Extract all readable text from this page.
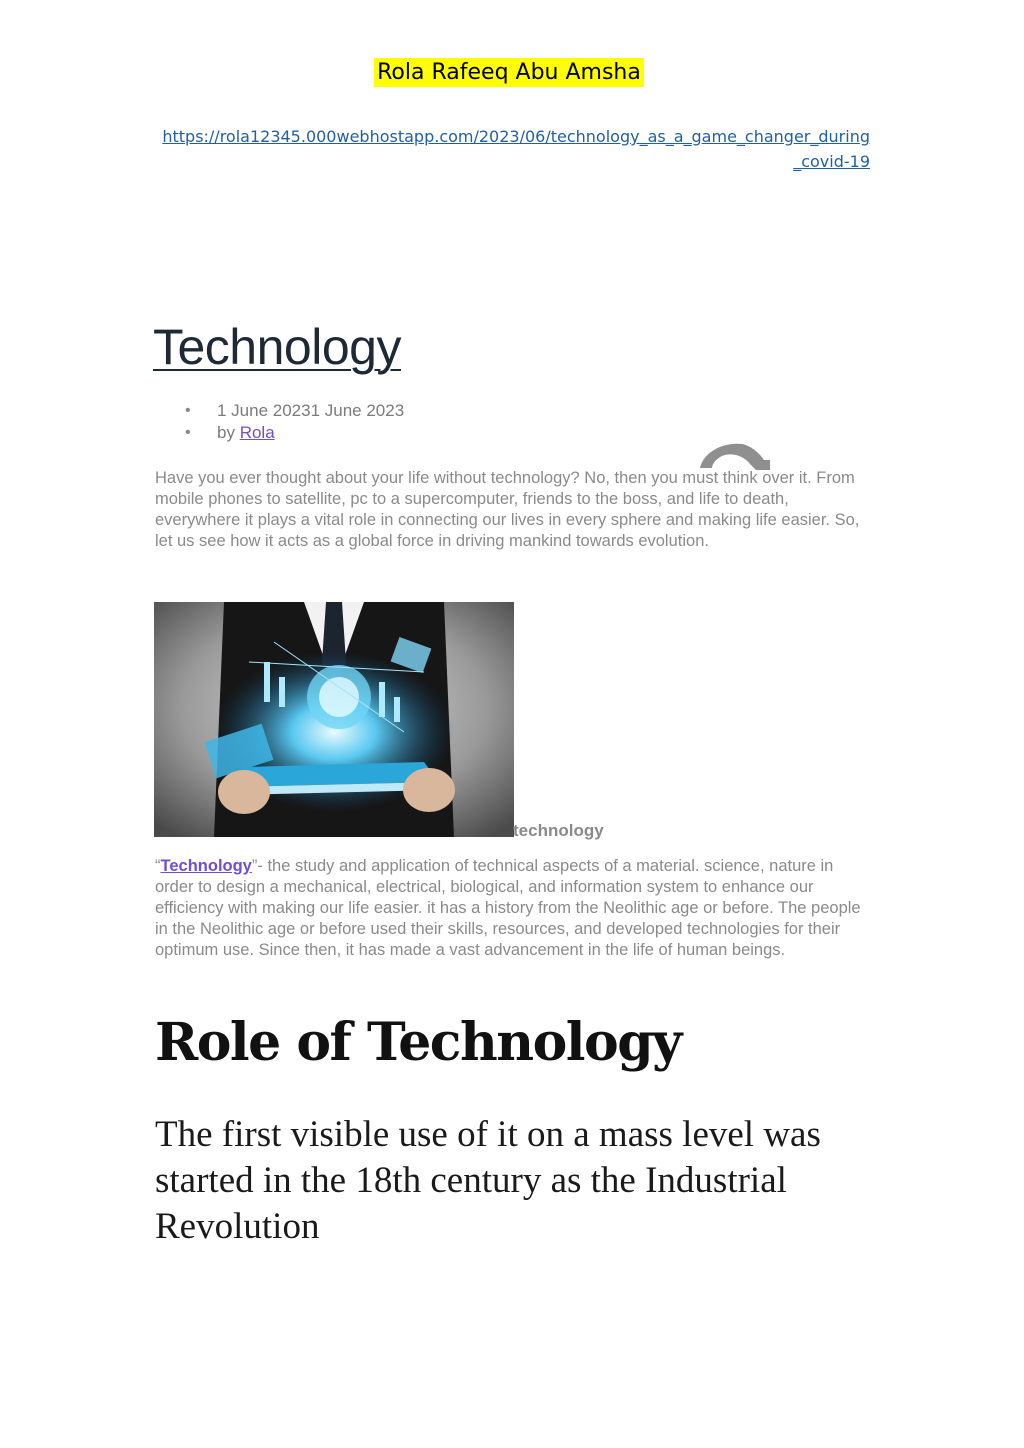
Rola Rafeeq Abu Amsha
https://rola12345.000webhostapp.com/2023/06/technology_as_a_game_changer_during_covid-19
Technology
• 1 June 20231 June 2023
• by Rola
Have you ever thought about your life without technology? No, then you must think over it. From mobile phones to satellite, pc to a supercomputer, friends to the boss, and life to death, everywhere it plays a vital role in connecting our lives in every sphere and making life easier. So, let us see how it acts as a global force in driving mankind towards evolution.
technology
“Technology”- the study and application of technical aspects of a material. science, nature in order to design a mechanical, electrical, biological, and information system to enhance our efficiency with making our life easier. it has a history from the Neolithic age or before. The people in the Neolithic age or before used their skills, resources, and developed technologies for their optimum use. Since then, it has made a vast advancement in the life of human beings.
Role of Technology
The first visible use of it on a mass level was started in the 18th century as the Industrial Revolution
